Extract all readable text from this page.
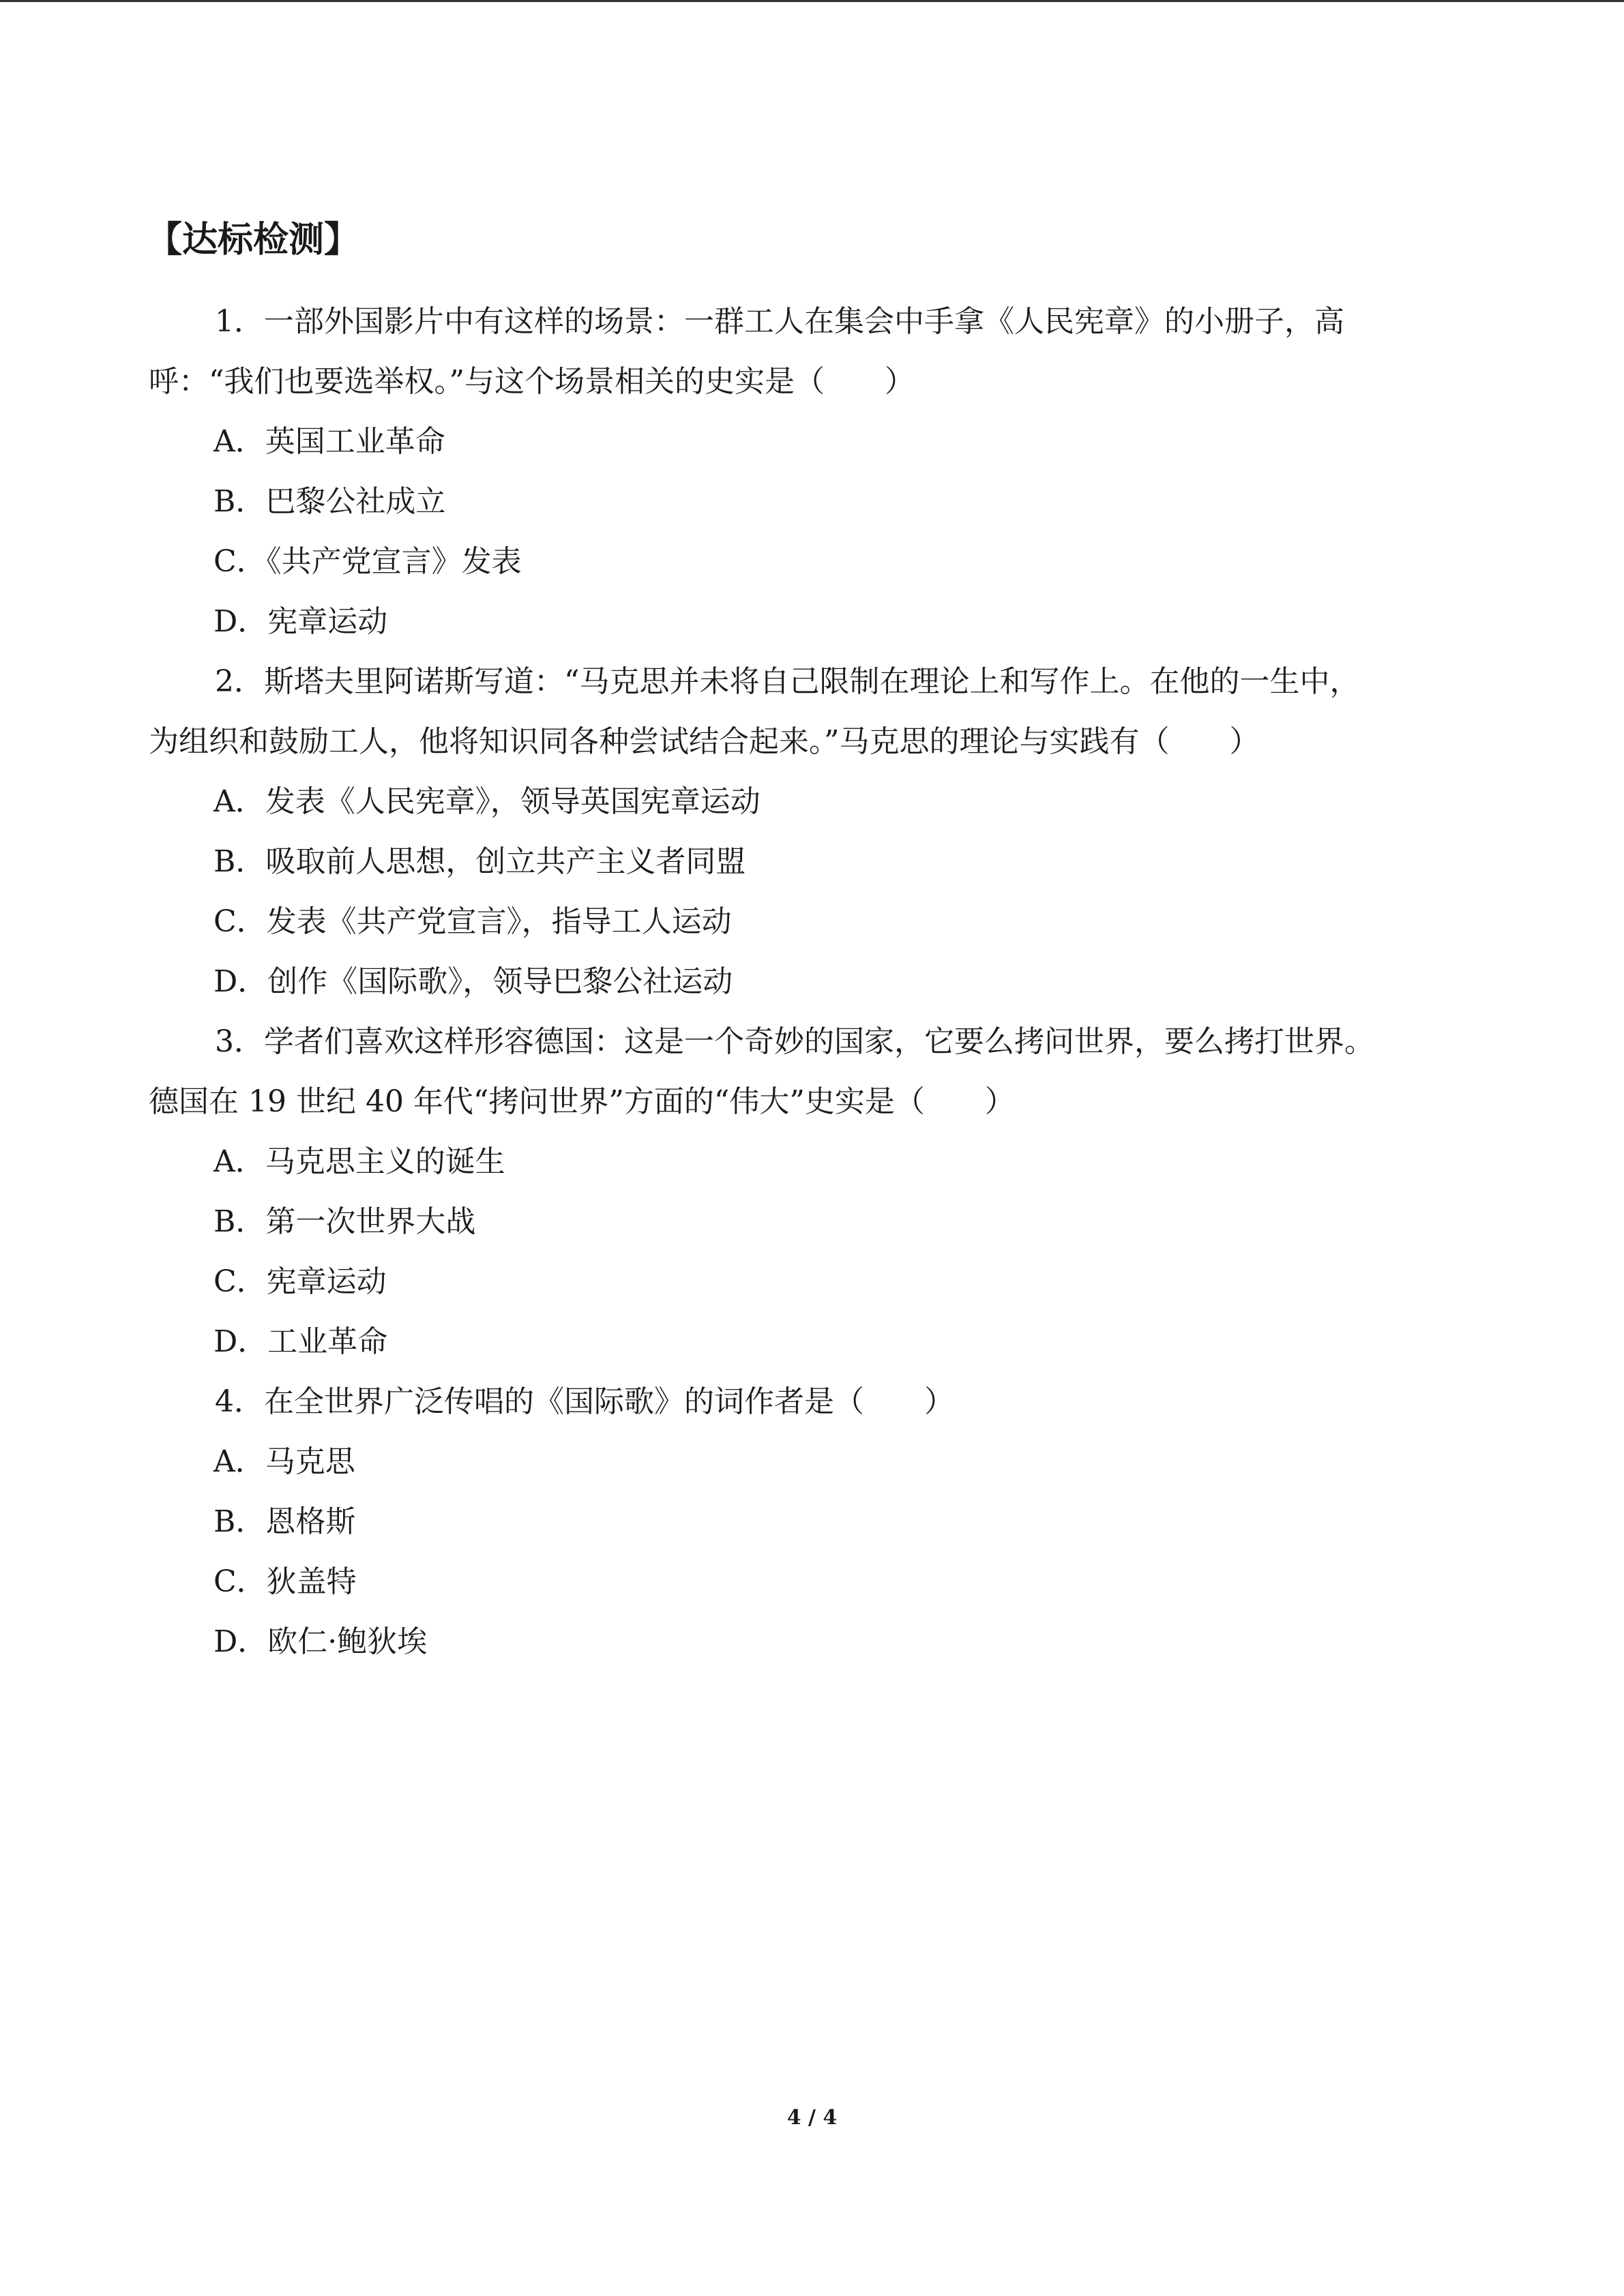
【达标检测】
1．一部外国影片中有这样的场景：一群工人在集会中手拿《人民宪章》的小册子，高
呼：“我们也要选举权。”与这个场景相关的史实是（　　）
A．英国工业革命
B．巴黎公社成立
C．《共产党宣言》发表
D．宪章运动
2．斯塔夫里阿诺斯写道：“马克思并未将自己限制在理论上和写作上。在他的一生中，
为组织和鼓励工人，他将知识同各种尝试结合起来。”马克思的理论与实践有（　　）
A．发表《人民宪章》，领导英国宪章运动
B．吸取前人思想，创立共产主义者同盟
C．发表《共产党宣言》，指导工人运动
D．创作《国际歌》，领导巴黎公社运动
3．学者们喜欢这样形容德国：这是一个奇妙的国家，它要么拷问世界，要么拷打世界。
德国在 19 世纪 40 年代“拷问世界”方面的“伟大”史实是（　　）
A．马克思主义的诞生
B．第一次世界大战
C．宪章运动
D．工业革命
4．在全世界广泛传唱的《国际歌》的词作者是（　　）
A．马克思
B．恩格斯
C．狄盖特
D．欧仁·鲍狄埃
4 / 4
